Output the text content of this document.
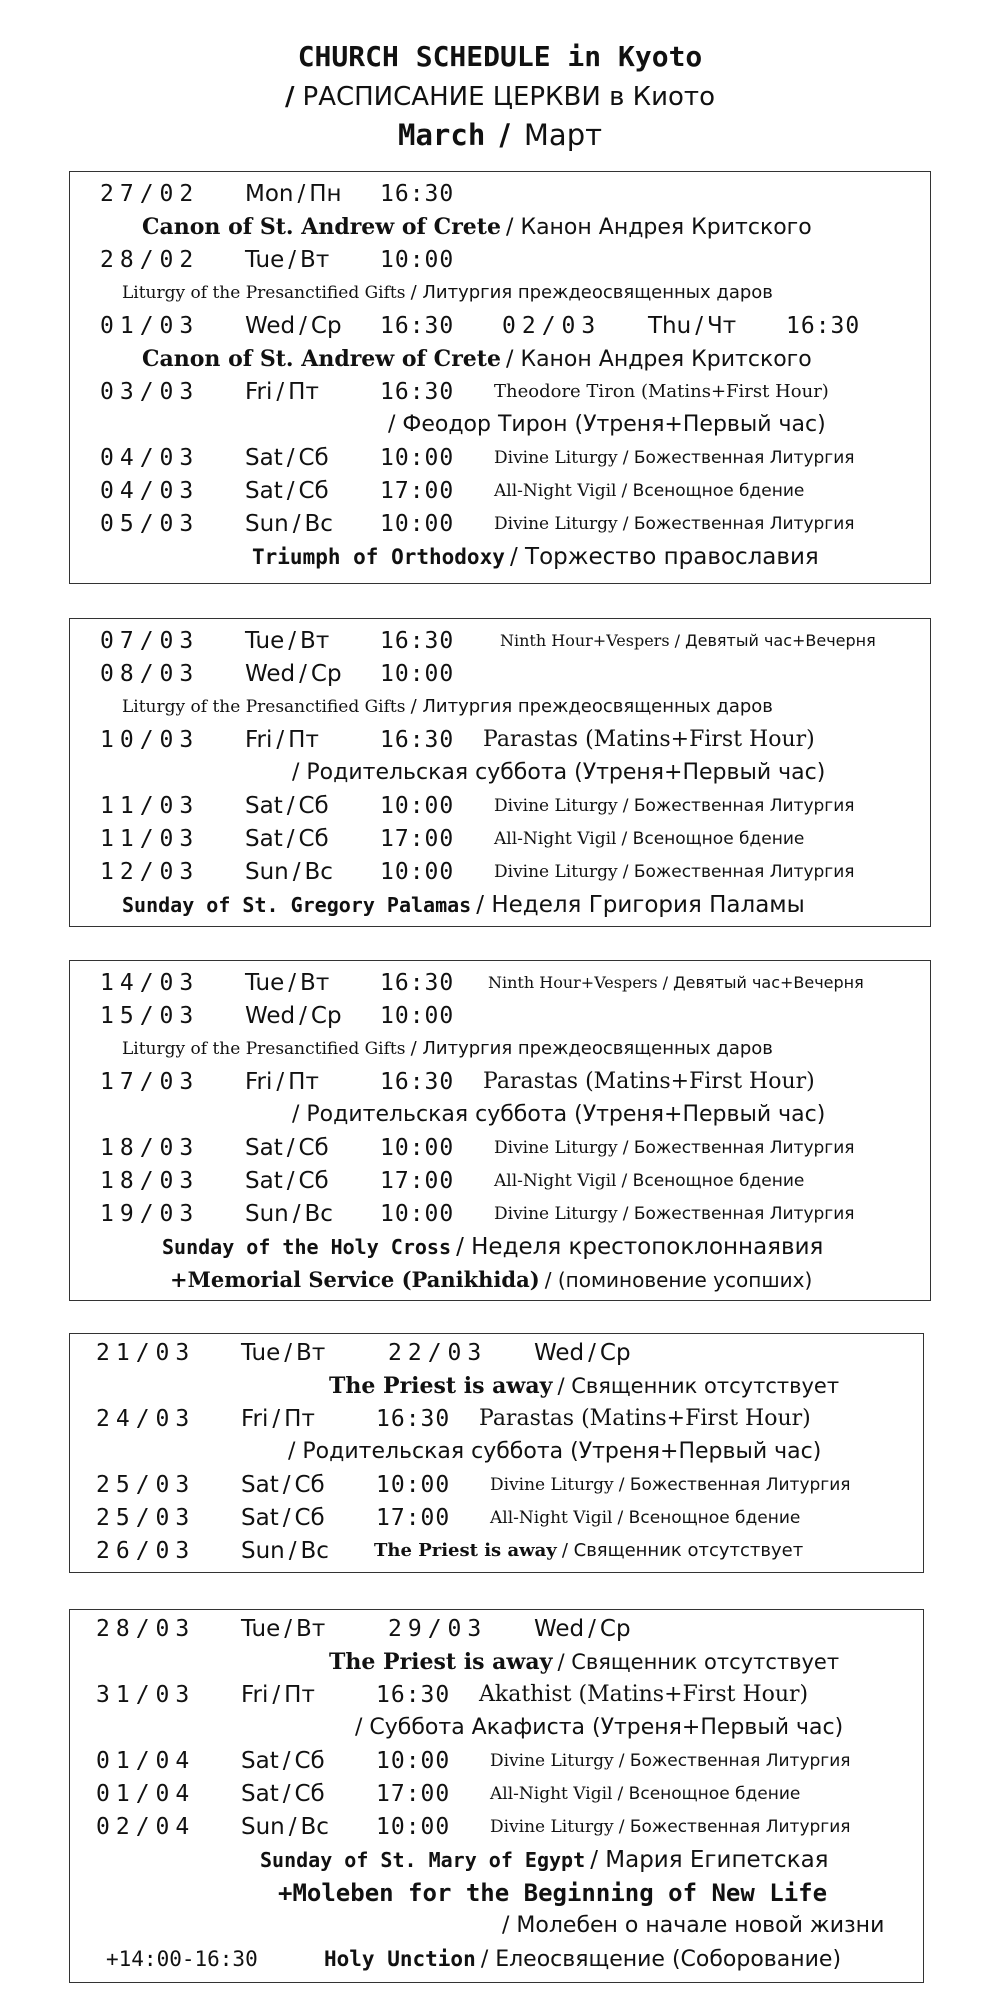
CHURCH SCHEDULE in Kyoto
/ РАСПИСАНИЕ ЦЕРКВИ в Киото
March / Март
27/02 Mon / Пн 16:30
Canon of St. Andrew of Crete / Канон Андрея Критского
28/02 Tue / Вт 10:00
Liturgy of the Presanctified Gifts / Литургия преждеосвященных даров
01/03 Wed / Ср 16:30 02/03 Thu / Чт 16:30
Canon of St. Andrew of Crete / Канон Андрея Критского
03/03 Fri / Пт	16:30 Theodore Tiron (Matins+First Hour)
/ Феодор Тирон (Утреня+Первый час)
04/03 Sat / Сб 10:00 Divine Liturgy / Божественная Литургия
04/03 Sat / Сб 17:00 All-Night Vigil / Всенощное бдение
05/03 Sun / Вс 10:00 Divine Liturgy / Божественная Литургия
Triumph of Orthodoxy / Торжество православия
07/03 Tue / Вт 16:30	Ninth Hour+Vespers / Девятый час+Вечерня
08/03 Wed / Ср 10:00
Liturgy of the Presanctified Gifts / Литургия преждеосвященных даров
10/03 Fri / Пт	16:30 Parastas (Matins+First Hour)
/ Родительская суббота (Утреня+Первый час)
11/03 Sat / Сб 10:00 Divine Liturgy / Божественная Литургия
11/03 Sat / Сб 17:00 All-Night Vigil / Всенощное бдение
12/03 Sun / Вс 10:00 Divine Liturgy / Божественная Литургия
Sunday of St. Gregory Palamas / Неделя Григория Паламы
14/03 Tue / Вт 16:30 Ninth Hour+Vespers / Девятый час+Вечерня
15/03 Wed / Ср 10:00
Liturgy of the Presanctified Gifts / Литургия преждеосвященных даров
17/03 Fri / Пт	16:30 Parastas (Matins+First Hour)
/ Родительская суббота (Утреня+Первый час)
18/03 Sat / Сб 10:00 Divine Liturgy / Божественная Литургия
18/03 Sat / Сб 17:00 All-Night Vigil / Всенощное бдение
19/03 Sun / Вс 10:00 Divine Liturgy / Божественная Литургия
Sunday of the Holy Cross / Неделя крестопоклоннаявия
+Memorial Service (Panikhida) / (поминовение усопших)
21/03 Tue / Вт	22/03 Wed / Ср
The Priest is away / Священник отсутствует
24/03 Fri / Пт	16:30 Parastas (Matins+First Hour)
/ Родительская суббота (Утреня+Первый час)
25/03 Sat / Сб 10:00 Divine Liturgy / Божественная Литургия
25/03 Sat / Сб 17:00 All-Night Vigil / Всенощное бдение
26/03 Sun / Вс	The Priest is away / Священник отсутствует
28/03 Tue / Вт	29/03 Wed / Ср
The Priest is away / Священник отсутствует
31/03 Fri / Пт	16:30 Akathist (Matins+First Hour)
/ Суббота Акафиста (Утреня+Первый час)
01/04 Sat / Сб 10:00 Divine Liturgy / Божественная Литургия
01/04 Sat / Сб 17:00 All-Night Vigil / Всенощное бдение
02/04 Sun / Вс 10:00 Divine Liturgy / Божественная Литургия
Sunday of St. Mary of Egypt / Мария Египетская
+Moleben for the Beginning of New Life
/ Молебен о начале новой жизни
+14:00-16:30	Holy Unction / Елеосвящение (Соборование)
